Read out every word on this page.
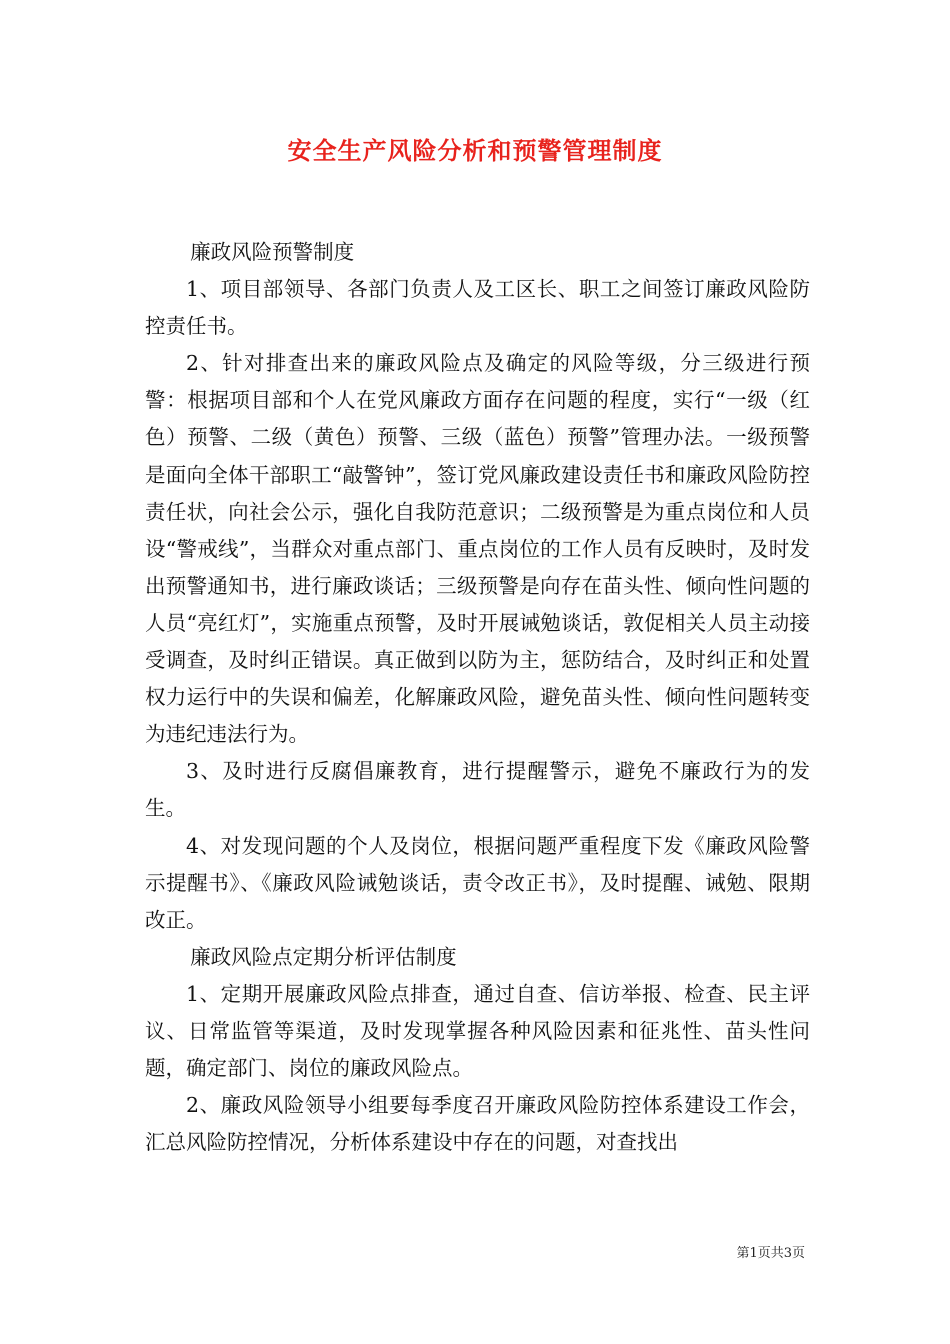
安全生产风险分析和预警管理制度

廉政风险预警制度

1、项目部领导、各部门负责人及工区长、职工之间签订廉政风险防控责任书。

2、针对排查出来的廉政风险点及确定的风险等级，分三级进行预警：根据项目部和个人在党风廉政方面存在问题的程度，实行“一级（红色）预警、二级（黄色）预警、三级（蓝色）预警”管理办法。一级预警是面向全体干部职工“敲警钟”，签订党风廉政建设责任书和廉政风险防控责任状，向社会公示，强化自我防范意识；二级预警是为重点岗位和人员设“警戒线”，当群众对重点部门、重点岗位的工作人员有反映时，及时发出预警通知书，进行廉政谈话；三级预警是向存在苗头性、倾向性问题的人员“亮红灯”，实施重点预警，及时开展诫勉谈话，敦促相关人员主动接受调查，及时纠正错误。真正做到以防为主，惩防结合，及时纠正和处置权力运行中的失误和偏差，化解廉政风险，避免苗头性、倾向性问题转变为违纪违法行为。

3、及时进行反腐倡廉教育，进行提醒警示，避免不廉政行为的发生。

4、对发现问题的个人及岗位，根据问题严重程度下发《廉政风险警示提醒书》、《廉政风险诫勉谈话，责令改正书》，及时提醒、诫勉、限期改正。

廉政风险点定期分析评估制度

1、定期开展廉政风险点排查，通过自查、信访举报、检查、民主评议、日常监管等渠道，及时发现掌握各种风险因素和征兆性、苗头性问题，确定部门、岗位的廉政风险点。

2、廉政风险领导小组要每季度召开廉政风险防控体系建设工作会，汇总风险防控情况，分析体系建设中存在的问题，对查找出

第1页共3页
